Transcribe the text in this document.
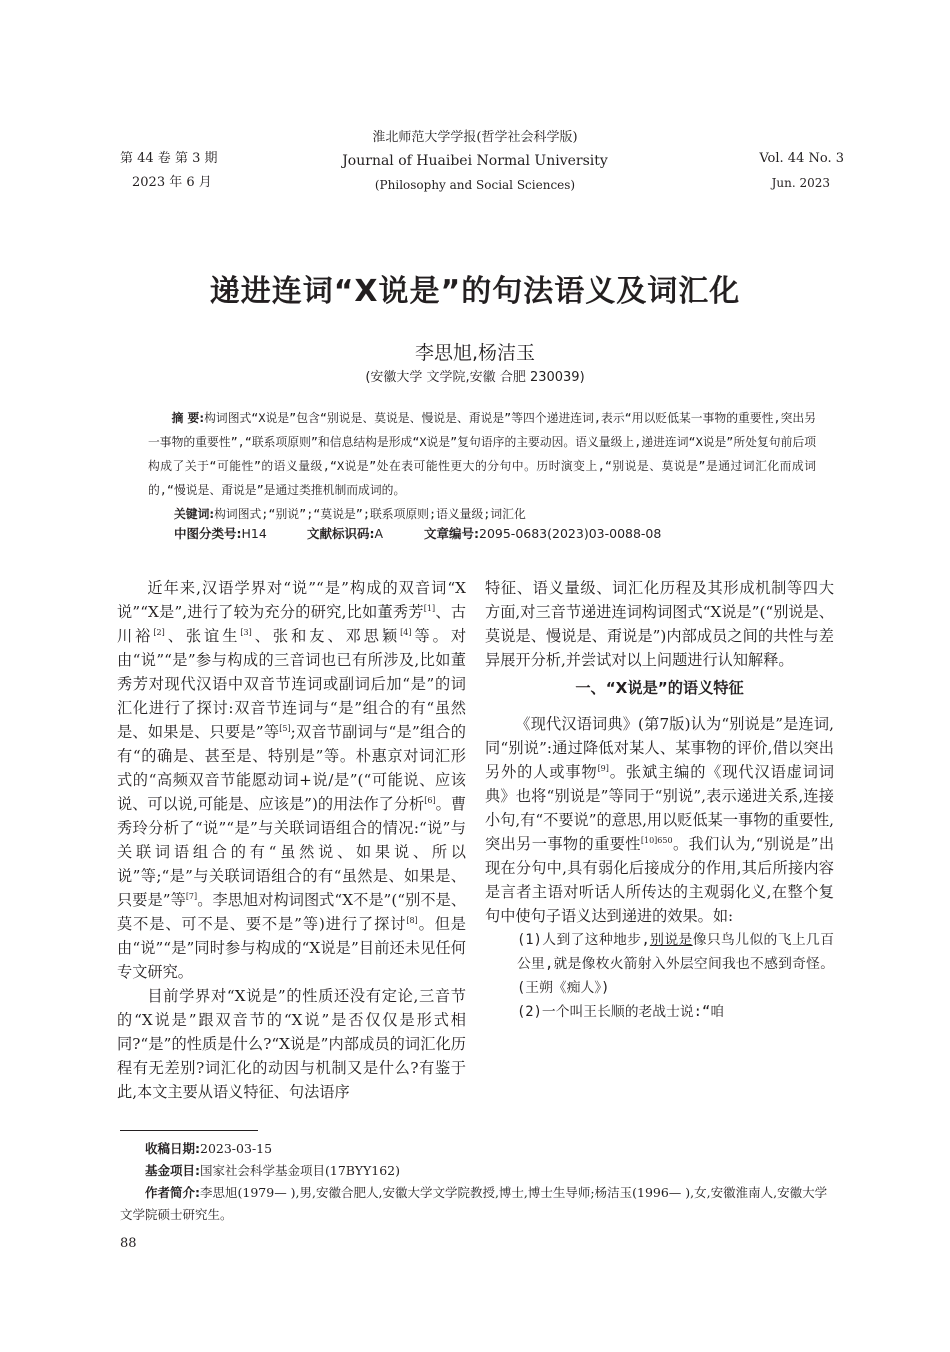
淮北师范大学学报(哲学社会科学版)
Journal of Huaibei Normal University
(Philosophy and Social Sciences)
第 44 卷 第 3 期
2023 年 6 月
Vol. 44 No. 3
Jun. 2023
递进连词“X说是”的句法语义及词汇化
李思旭,杨洁玉
(安徽大学 文学院,安徽 合肥 230039)
摘 要:构词图式“X说是”包含“别说是、莫说是、慢说是、甭说是”等四个递进连词,表示“用以贬低某一事物的重要性,突出另一事物的重要性”,“联系项原则”和信息结构是形成“X说是”复句语序的主要动因。语义量级上,递进连词“X说是”所处复句前后项构成了关于“可能性”的语义量级,“X说是”处在表可能性更大的分句中。历时演变上,“别说是、莫说是”是通过词汇化而成词的,“慢说是、甭说是”是通过类推机制而成词的。
关键词:构词图式;“别说”;“莫说是”;联系项原则;语义量级;词汇化
中图分类号:H14	文献标识码:A	文章编号:2095-0683(2023)03-0088-08

近年来,汉语学界对“说”“是”构成的双音词“X说”“X是”,进行了较为充分的研究,比如董秀芳[1]、古川裕[2]、张谊生[3]、张和友、邓思颖[4]等。对由“说”“是”参与构成的三音词也已有所涉及,比如董秀芳对现代汉语中双音节连词或副词后加“是”的词汇化进行了探讨:双音节连词与“是”组合的有“虽然是、如果是、只要是”等[5];双音节副词与“是”组合的有“的确是、甚至是、特别是”等。朴惠京对词汇形式的“高频双音节能愿动词+说/是”(“可能说、应该说、可以说,可能是、应该是”)的用法作了分析[6]。曹秀玲分析了“说”“是”与关联词语组合的情况:“说”与关联词语组合的有“虽然说、如果说、所以说”等;“是”与关联词语组合的有“虽然是、如果是、只要是”等[7]。李思旭对构词图式“X不是”(“别不是、莫不是、可不是、要不是”等)进行了探讨[8]。但是由“说”“是”同时参与构成的“X说是”目前还未见任何专文研究。

目前学界对“X说是”的性质还没有定论,三音节的“X说是”跟双音节的“X说”是否仅仅是形式相同?“是”的性质是什么?“X说是”内部成员的词汇化历程有无差别?词汇化的动因与机制又是什么?有鉴于此,本文主要从语义特征、句法语序

特征、语义量级、词汇化历程及其形成机制等四大方面,对三音节递进连词构词图式“X说是”(“别说是、莫说是、慢说是、甭说是”)内部成员之间的共性与差异展开分析,并尝试对以上问题进行认知解释。

一、“X说是”的语义特征

《现代汉语词典》(第7版)认为“别说是”是连词,同“别说”:通过降低对某人、某事物的评价,借以突出另外的人或事物[9]。张斌主编的《现代汉语虚词词典》也将“别说是”等同于“别说”,表示递进关系,连接小句,有“不要说”的意思,用以贬低某一事物的重要性,突出另一事物的重要性$^{[10]650}$。我们认为,“别说是”出现在分句中,具有弱化后接成分的作用,其后所接内容是言者主语对听话人所传达的主观弱化义,在整个复句中使句子语义达到递进的效果。如:

(1)人到了这种地步,别说是像只鸟儿似的飞上几百公里,就是像枚火箭射入外层空间我也不感到奇怪。(王朔《痴人》)
(2)一个叫王长顺的老战士说:“咱
收稿日期:2023-03-15
基金项目:国家社会科学基金项目(17BYY162)
作者简介:李思旭(1979— ),男,安徽合肥人,安徽大学文学院教授,博士,博士生导师;杨洁玉(1996— ),女,安徽淮南人,安徽大学文学院硕士研究生。
88
